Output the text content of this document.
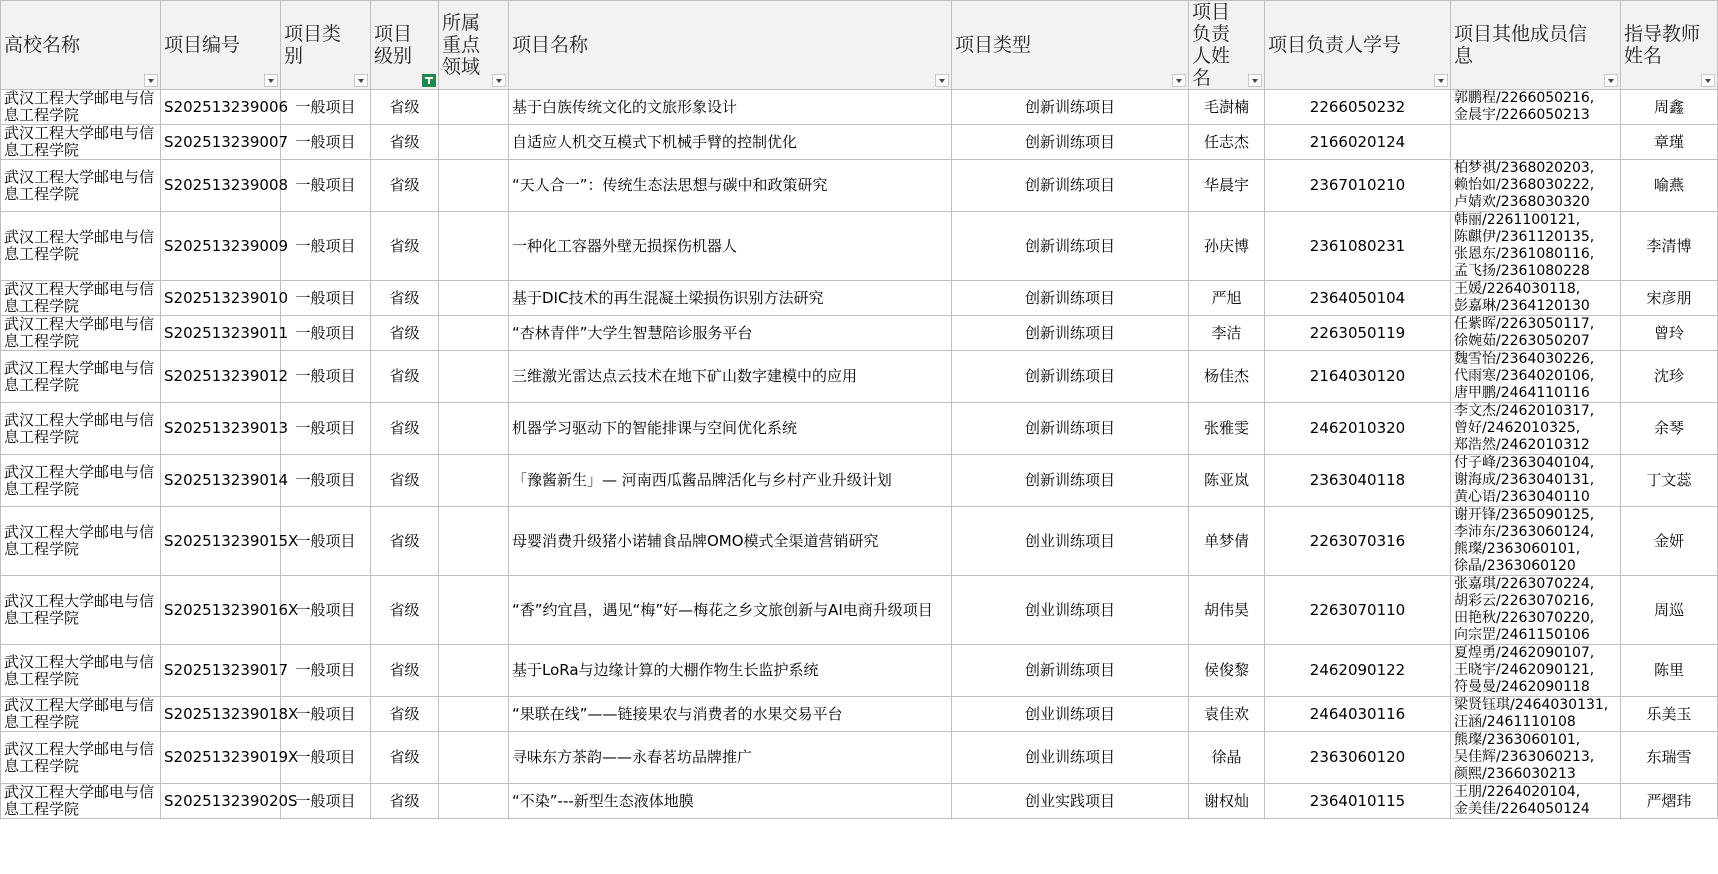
高校名称	项目编号	项目类别	项目级别	所属重点领域	项目名称	项目类型	项目负责人姓名	项目负责人学号	项目其他成员信息	指导教师姓名

武汉工程大学邮电与信息工程学院	S202513239006	一般项目	省级		基于白族传统文化的文旅形象设计	创新训练项目	毛澍楠	2266050232	郭鹏程/2266050216,
金晨宇/2266050213	周鑫
武汉工程大学邮电与信息工程学院	S202513239007	一般项目	省级		自适应人机交互模式下机械手臂的控制优化	创新训练项目	任志杰	2166020124		章瑾
武汉工程大学邮电与信息工程学院	S202513239008	一般项目	省级		“天人合一”：传统生态法思想与碳中和政策研究	创新训练项目	华晨宇	2367010210	柏梦祺/2368020203,
赖怡如/2368030222,
卢婧欢/2368030320	喻燕
武汉工程大学邮电与信息工程学院	S202513239009	一般项目	省级		一种化工容器外壁无损探伤机器人	创新训练项目	孙庆博	2361080231	韩丽/2261100121,
陈麒伊/2361120135,
张恩东/2361080116,
孟飞扬/2361080228	李清博
武汉工程大学邮电与信息工程学院	S202513239010	一般项目	省级		基于DIC技术的再生混凝土梁损伤识别方法研究	创新训练项目	严旭	2364050104	王媛/2264030118,
彭嘉琳/2364120130	宋彦朋
武汉工程大学邮电与信息工程学院	S202513239011	一般项目	省级		“杏林青伴”大学生智慧陪诊服务平台	创新训练项目	李洁	2263050119	任紫晖/2263050117,
徐婉茹/2263050207	曾玲
武汉工程大学邮电与信息工程学院	S202513239012	一般项目	省级		三维激光雷达点云技术在地下矿山数字建模中的应用	创新训练项目	杨佳杰	2164030120	魏雪怡/2364030226,
代雨寒/2364020106,
唐甲鹏/2464110116	沈珍
武汉工程大学邮电与信息工程学院	S202513239013	一般项目	省级		机器学习驱动下的智能排课与空间优化系统	创新训练项目	张雅雯	2462010320	李文杰/2462010317,
曾好/2462010325,
郑浩然/2462010312	余琴
武汉工程大学邮电与信息工程学院	S202513239014	一般项目	省级		「豫酱新生」— 河南西瓜酱品牌活化与乡村产业升级计划	创新训练项目	陈亚岚	2363040118	付子峰/2363040104,
谢海成/2363040131,
黄心语/2363040110	丁文蕊
武汉工程大学邮电与信息工程学院	S202513239015X	一般项目	省级		母婴消费升级猪小诺辅食品牌OMO模式全渠道营销研究	创业训练项目	单梦倩	2263070316	谢开锋/2365090125,
李沛东/2363060124,
熊璨/2363060101,
徐晶/2363060120	金妍
武汉工程大学邮电与信息工程学院	S202513239016X	一般项目	省级		“香”约宜昌，遇见“梅”好—梅花之乡文旅创新与AI电商升级项目	创业训练项目	胡伟昊	2263070110	张嘉琪/2263070224,
胡彩云/2263070216,
田艳秋/2263070220,
向宗罡/2461150106	周巡
武汉工程大学邮电与信息工程学院	S202513239017	一般项目	省级		基于LoRa与边缘计算的大棚作物生长监护系统	创新训练项目	侯俊黎	2462090122	夏煌勇/2462090107,
王晓宇/2462090121,
符曼曼/2462090118	陈里
武汉工程大学邮电与信息工程学院	S202513239018X	一般项目	省级		“果联在线”——链接果农与消费者的水果交易平台	创业训练项目	袁佳欢	2464030116	梁贤钰琪/2464030131,
汪涵/2461110108	乐美玉
武汉工程大学邮电与信息工程学院	S202513239019X	一般项目	省级		寻味东方茶韵——永春茗坊品牌推广	创业训练项目	徐晶	2363060120	熊璨/2363060101,
吴佳辉/2363060213,
颜熙/2366030213	东瑞雪
武汉工程大学邮电与信息工程学院	S202513239020S	一般项目	省级		“不染”---新型生态液体地膜	创业实践项目	谢权灿	2364010115	王朋/2264020104,
金美佳/2264050124	严熠玮
